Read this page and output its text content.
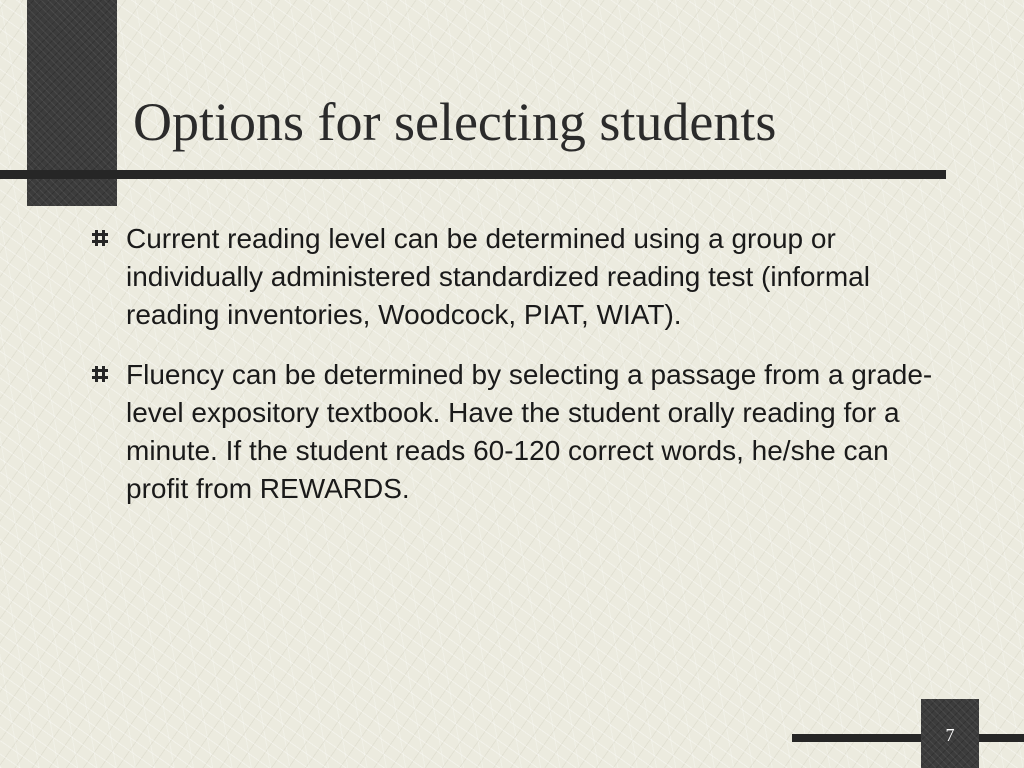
Options for selecting students
Current reading level can be determined using a group or individually administered standardized reading test (informal reading inventories, Woodcock, PIAT, WIAT).
Fluency can be determined by selecting a passage from a grade-level expository textbook. Have the student orally reading for a minute. If the student reads 60-120 correct words, he/she can profit from REWARDS.
7
